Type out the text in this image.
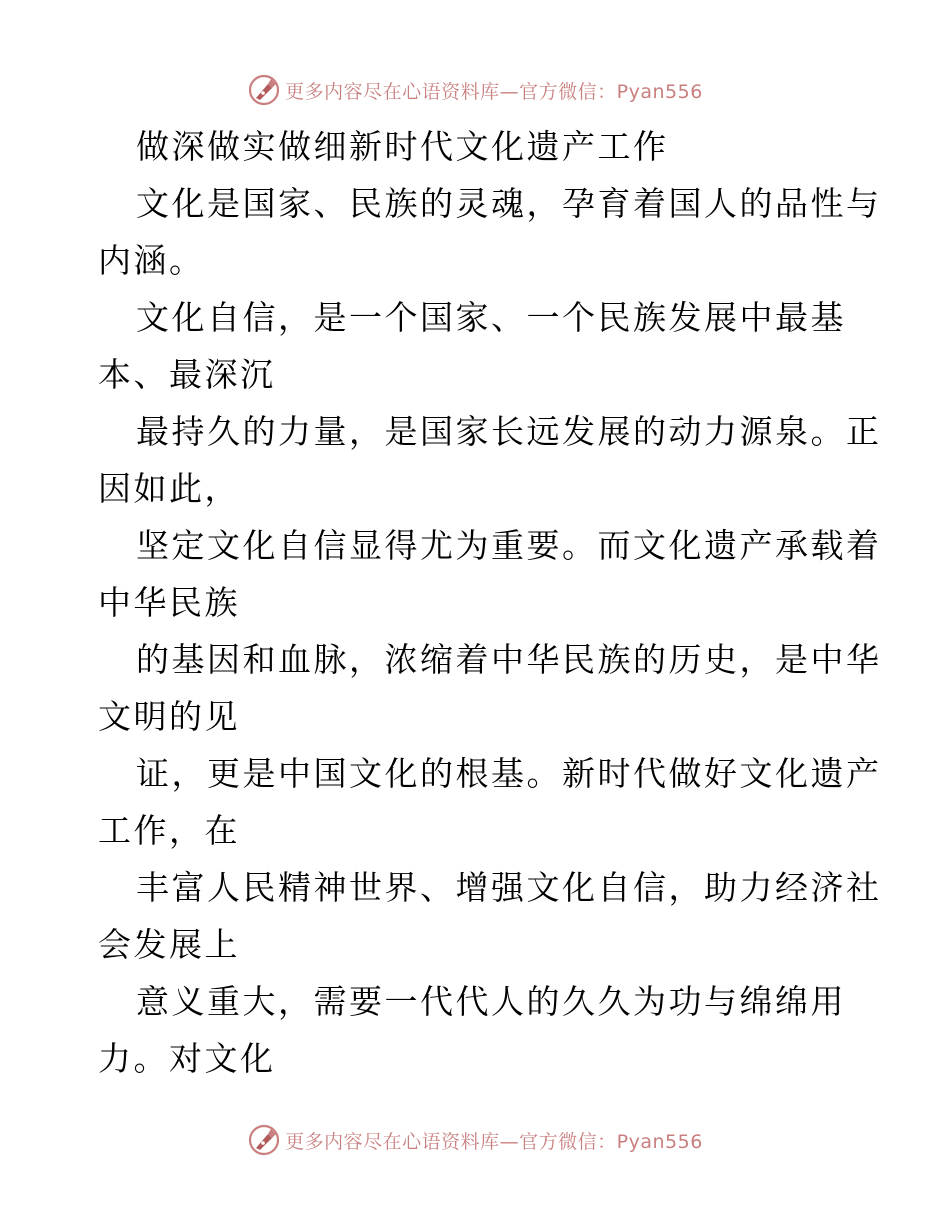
更多内容尽在心语资料库—官方微信：Pyan556
做深做实做细新时代文化遗产工作
文化是国家、民族的灵魂，孕育着国人的品性与
内涵。
文化自信，是一个国家、一个民族发展中最基
本、最深沉
最持久的力量，是国家长远发展的动力源泉。正
因如此，
坚定文化自信显得尤为重要。而文化遗产承载着
中华民族
的基因和血脉，浓缩着中华民族的历史，是中华
文明的见
证，更是中国文化的根基。新时代做好文化遗产
工作，在
丰富人民精神世界、增强文化自信，助力经济社
会发展上
意义重大，需要一代代人的久久为功与绵绵用
力。对文化
更多内容尽在心语资料库—官方微信：Pyan556
